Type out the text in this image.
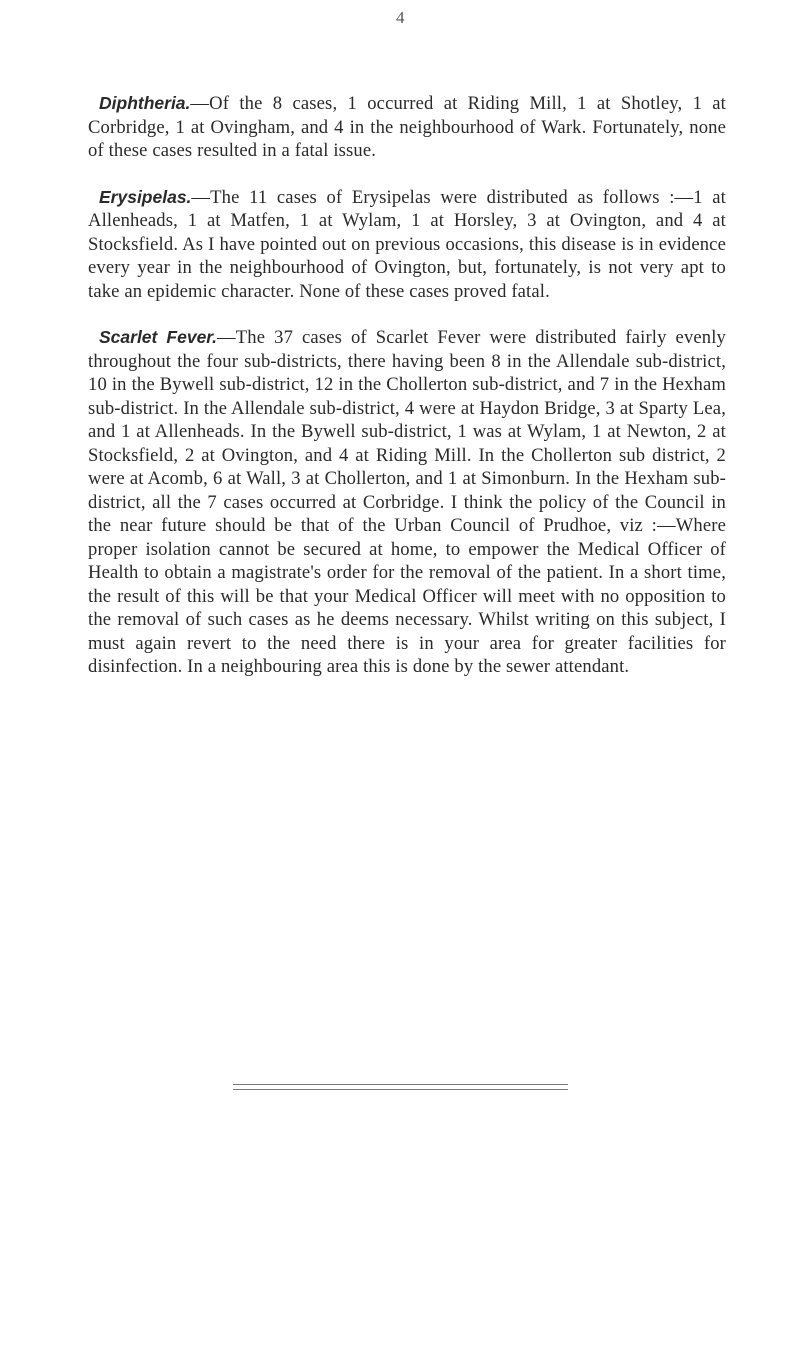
4

Diphtheria.—Of the 8 cases, 1 occurred at Riding Mill, 1 at Shotley, 1 at Corbridge, 1 at Ovingham, and 4 in the neighbourhood of Wark. Fortunately, none of these cases resulted in a fatal issue.

Erysipelas.—The 11 cases of Erysipelas were distributed as follows :—1 at Allenheads, 1 at Matfen, 1 at Wylam, 1 at Horsley, 3 at Ovington, and 4 at Stocksfield. As I have pointed out on previous occasions, this disease is in evidence every year in the neighbourhood of Ovington, but, fortunately, is not very apt to take an epidemic character. None of these cases proved fatal.

Scarlet Fever.—The 37 cases of Scarlet Fever were distributed fairly evenly throughout the four sub-districts, there having been 8 in the Allendale sub-district, 10 in the Bywell sub-district, 12 in the Chollerton sub-district, and 7 in the Hexham sub-district. In the Allendale sub-district, 4 were at Haydon Bridge, 3 at Sparty Lea, and 1 at Allenheads. In the Bywell sub-district, 1 was at Wylam, 1 at Newton, 2 at Stocksfield, 2 at Ovington, and 4 at Riding Mill. In the Chollerton sub district, 2 were at Acomb, 6 at Wall, 3 at Chollerton, and 1 at Simonburn. In the Hexham sub-district, all the 7 cases occurred at Corbridge. I think the policy of the Council in the near future should be that of the Urban Council of Prudhoe, viz :—Where proper isolation cannot be secured at home, to empower the Medical Officer of Health to obtain a magistrate's order for the removal of the patient. In a short time, the result of this will be that your Medical Officer will meet with no opposition to the removal of such cases as he deems necessary. Whilst writing on this subject, I must again revert to the need there is in your area for greater facilities for disinfection. In a neighbouring area this is done by the sewer attendant.
